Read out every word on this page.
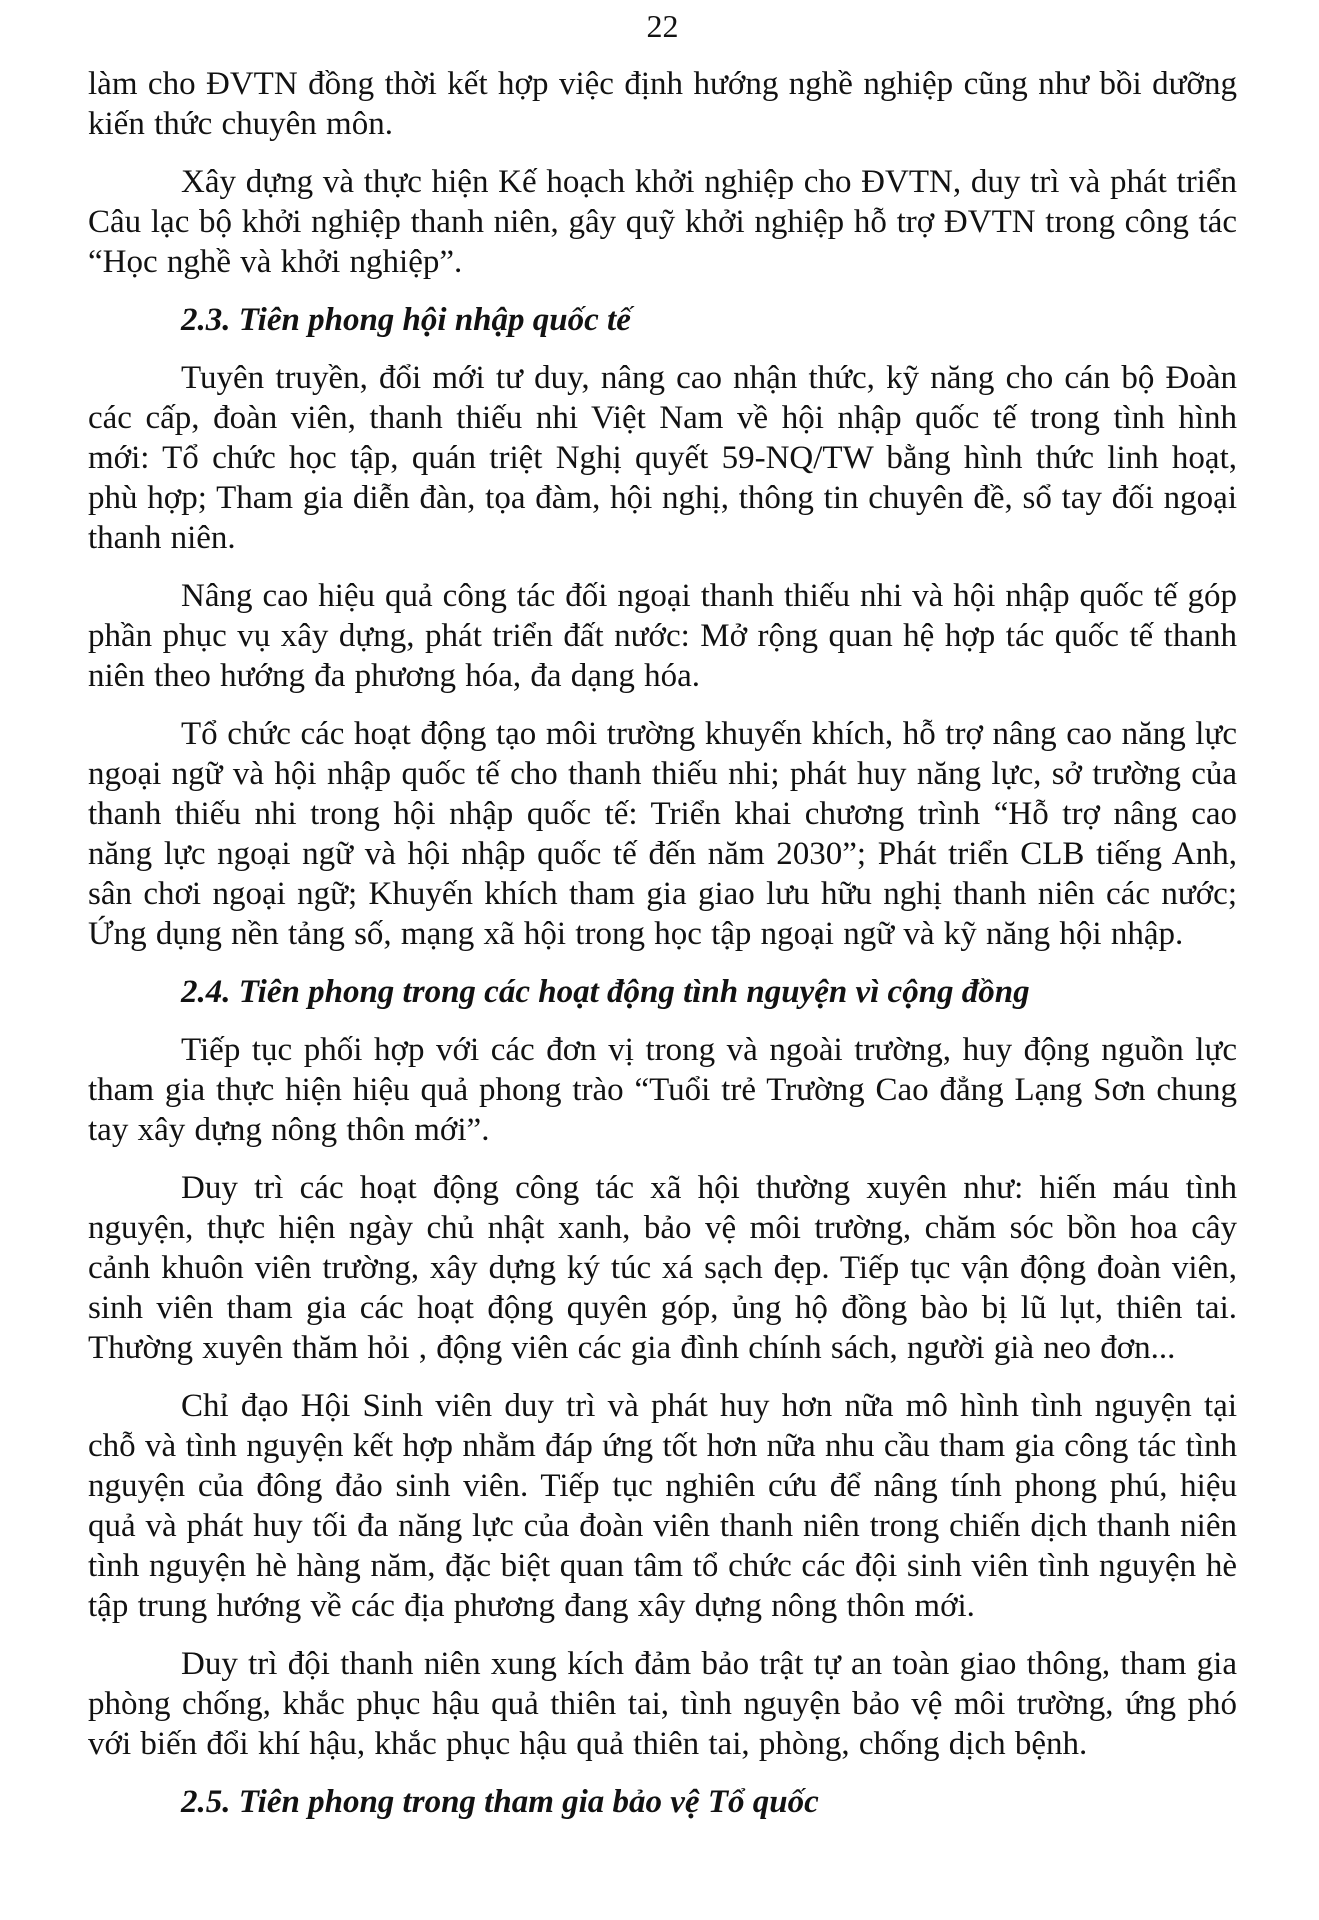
22

làm cho ĐVTN đồng thời kết hợp việc định hướng nghề nghiệp cũng như bồi dưỡng kiến thức chuyên môn.

Xây dựng và thực hiện Kế hoạch khởi nghiệp cho ĐVTN, duy trì và phát triển Câu lạc bộ khởi nghiệp thanh niên, gây quỹ khởi nghiệp hỗ trợ ĐVTN trong công tác “Học nghề và khởi nghiệp”.

2.3. Tiên phong hội nhập quốc tế

Tuyên truyền, đổi mới tư duy, nâng cao nhận thức, kỹ năng cho cán bộ Đoàn các cấp, đoàn viên, thanh thiếu nhi Việt Nam về hội nhập quốc tế trong tình hình mới: Tổ chức học tập, quán triệt Nghị quyết 59-NQ/TW bằng hình thức linh hoạt, phù hợp; Tham gia diễn đàn, tọa đàm, hội nghị, thông tin chuyên đề, sổ tay đối ngoại thanh niên.

Nâng cao hiệu quả công tác đối ngoại thanh thiếu nhi và hội nhập quốc tế góp phần phục vụ xây dựng, phát triển đất nước: Mở rộng quan hệ hợp tác quốc tế thanh niên theo hướng đa phương hóa, đa dạng hóa.

Tổ chức các hoạt động tạo môi trường khuyến khích, hỗ trợ nâng cao năng lực ngoại ngữ và hội nhập quốc tế cho thanh thiếu nhi; phát huy năng lực, sở trường của thanh thiếu nhi trong hội nhập quốc tế: Triển khai chương trình “Hỗ trợ nâng cao năng lực ngoại ngữ và hội nhập quốc tế đến năm 2030”; Phát triển CLB tiếng Anh, sân chơi ngoại ngữ; Khuyến khích tham gia giao lưu hữu nghị thanh niên các nước; Ứng dụng nền tảng số, mạng xã hội trong học tập ngoại ngữ và kỹ năng hội nhập.

2.4. Tiên phong trong các hoạt động tình nguyện vì cộng đồng

Tiếp tục phối hợp với các đơn vị trong và ngoài trường, huy động nguồn lực tham gia thực hiện hiệu quả phong trào “Tuổi trẻ Trường Cao đẳng Lạng Sơn chung tay xây dựng nông thôn mới”.

Duy trì các hoạt động công tác xã hội thường xuyên như: hiến máu tình nguyện, thực hiện ngày chủ nhật xanh, bảo vệ môi trường, chăm sóc bồn hoa cây cảnh khuôn viên trường, xây dựng ký túc xá sạch đẹp. Tiếp tục vận động đoàn viên, sinh viên tham gia các hoạt động quyên góp, ủng hộ đồng bào bị lũ lụt, thiên tai. Thường xuyên thăm hỏi , động viên các gia đình chính sách, người già neo đơn...

Chỉ đạo Hội Sinh viên duy trì và phát huy hơn nữa mô hình tình nguyện tại chỗ và tình nguyện kết hợp nhằm đáp ứng tốt hơn nữa nhu cầu tham gia công tác tình nguyện của đông đảo sinh viên. Tiếp tục nghiên cứu để nâng tính phong phú, hiệu quả và phát huy tối đa năng lực của đoàn viên thanh niên trong chiến dịch thanh niên tình nguyện hè hàng năm, đặc biệt quan tâm tổ chức các đội sinh viên tình nguyện hè tập trung hướng về các địa phương đang xây dựng nông thôn mới.

Duy trì đội thanh niên xung kích đảm bảo trật tự an toàn giao thông, tham gia phòng chống, khắc phục hậu quả thiên tai, tình nguyện bảo vệ môi trường, ứng phó với biến đổi khí hậu, khắc phục hậu quả thiên tai, phòng, chống dịch bệnh.

2.5. Tiên phong trong tham gia bảo vệ Tổ quốc
